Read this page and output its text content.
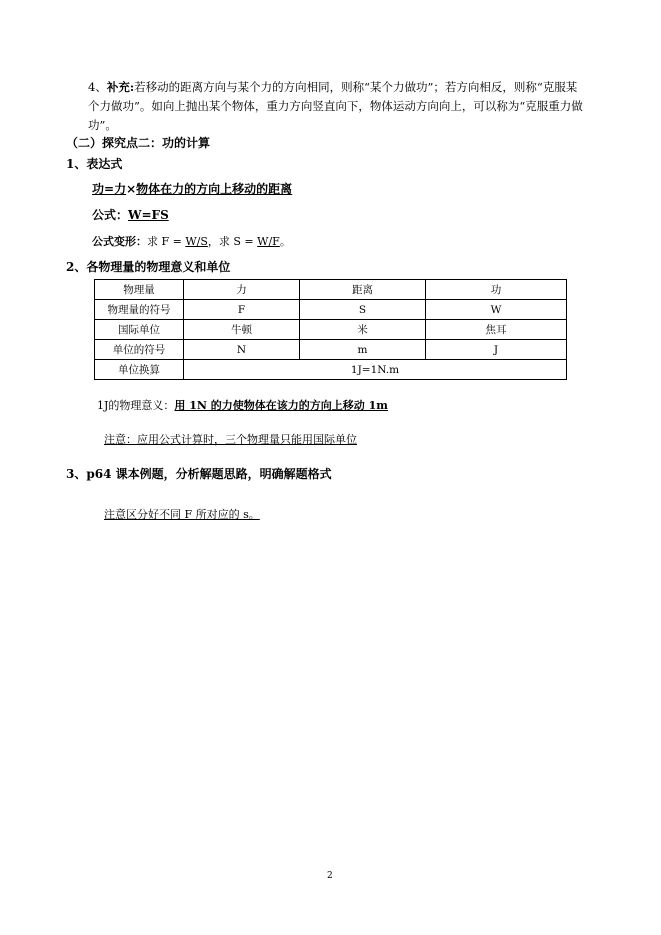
4、补充:若移动的距离方向与某个力的方向相同，则称“某个力做功”；若方向相反，则称“克服某个力做功”。如向上抛出某个物体，重力方向竖直向下，物体运动方向向上，可以称为“克服重力做功”。
（二）探究点二：功的计算
1、表达式
功=力×物体在力的方向上移动的距离
公式：W=FS
公式变形：求 F = W/S，求 S = W/F。
2、各物理量的物理意义和单位
物理量	力	距离	功
物理量的符号	F	S	W
国际单位	牛顿	米	焦耳
单位的符号	N	m	J
单位换算	1J=1N.m		
1J的物理意义：用 1N 的力使物体在该力的方向上移动 1m
注意：应用公式计算时，三个物理量只能用国际单位
3、p64 课本例题，分析解题思路，明确解题格式
注意区分好不同 F 所对应的 s。
2
